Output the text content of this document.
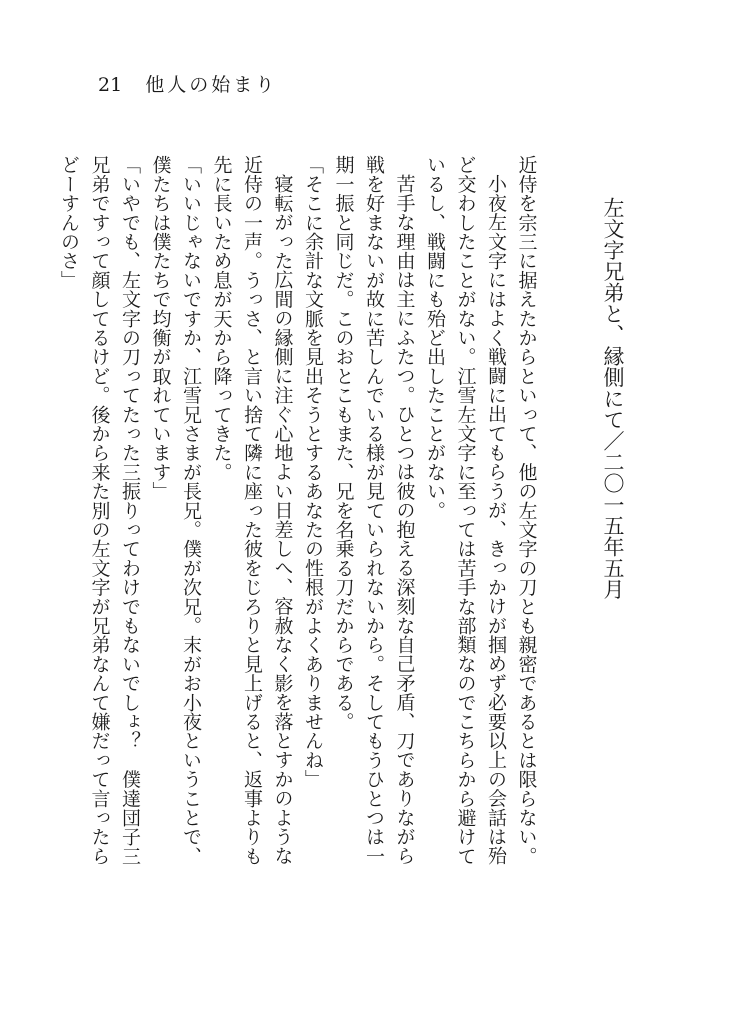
21 他人の始まり
左文字兄弟と、縁側にて／二〇一五年五月

近侍を宗三に据えたからといって、他の左文字の刀とも親密であるとは限らない。

小夜左文字にはよく戦闘に出てもらうが、きっかけが掴めず必要以上の会話は殆ど交わしたことがない。江雪左文字に至っては苦手な部類なのでこちらから避けているし、戦闘にも殆ど出したことがない。

苦手な理由は主にふたつ。ひとつは彼の抱える深刻な自己矛盾、刀でありながら戦を好まないが故に苦しんでいる様が見ていられないから。そしてもうひとつは一期一振と同じだ。このおとこもまた、兄を名乗る刀だからである。

「そこに余計な文脈を見出そうとするあなたの性根がよくありませんね」

寝転がった広間の縁側に注ぐ心地よい日差しへ、容赦なく影を落とすかのような近侍の一声。うっさ、と言い捨て隣に座った彼をじろりと見上げると、返事よりも先に長いため息が天から降ってきた。

「いいじゃないですか、江雪兄さまが長兄。僕が次兄。末がお小夜ということで、僕たちは僕たちで均衡が取れています」

「いやでも、左文字の刀ってたった三振りってわけでもないでしょ？　僕達団子三兄弟ですって顔してるけど。後から来た別の左文字が兄弟なんて嫌だって言ったらどーすんのさ」
